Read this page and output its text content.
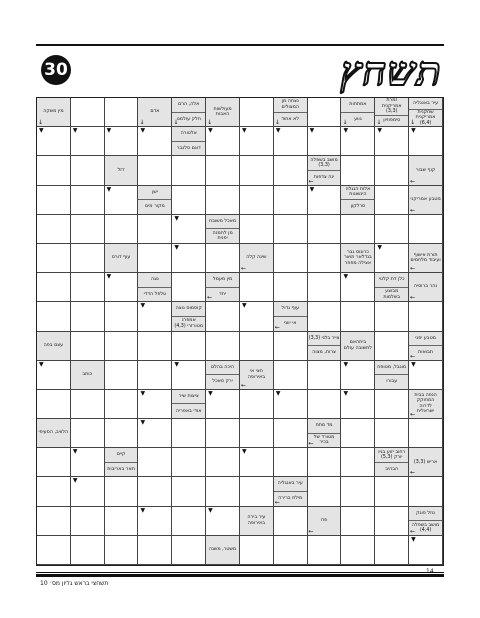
30	תשחץ
מין משקה
↓
אדם
↓
אלה, הרם
חלק עולמנו
↓
מעולשות האבות
↓
נצחה מן המצולים
לא אחוד
↓
אמתחות
גווע
↓
זמרת אמריקנית (3,3)
סימפוזיון
↓
עיר באנגליה
שחקנית אמריקנית (6,4)
↓
▼	▼	▼	▼	אלטורה
דוגם סלגבר
▼	▼	▼	▼	▼	▼	▼
דזל
מושב בשפלה (3,3)
ינה צדפות
←
קוף שבור
←
▼	ישן
מקור מים
▼	אלות הנגלה הינשונות
סרלקון
מטבע אמריקני
←
▼	מאכל משובח
מן לחמנה יפנית
עוף דורס
▼
שינה קלה
←
כרונוס גבר בנדלאר תואר אצילה מפוזר
▼
תורת אישוף ועיבוד מלחמים
←
▼	נצה
טלפל הדדי
מין מעמל
יחד
←
▼	כלן דת קלטי
מבוצע בשלמות
נהר ברוסיה
←
▼	קוסמוס נוצה
אמפרנ מטורזרי (4,3)
▼	עוף גדול
אי יווני
←
עצם בפה
צייר בלגי (3,3)
צרות, מצוה
ביתהאם לתשובה עולם
מטבע יפני
תבואות
←
▼
כותב
▼	היכה בהלם
ירק סאכל
חצי אי באירופה
←
▼	מוגבל, מטופח
עבורו
▼
▼	ציצות שיר
אודי באפריה
▼	▼	▼	הנפה בבית המחוקק לדרוה ישראלית
←
הלוויב, הסעיפי
▼	מד מתח
מטורד של בכיר
←
▼	קיים
תאר באריבות
▼	רחוב יזוע בניו יורק (5,3)
הבהיב
אריש (3,3)
←
▼	עיר באנגליה
מילת ברירה
←
▼	▼
עיר בירה באירופה
פח
←
נוזל פוגק
מושב בשפלה (4,4)
←
משטר, משנה
▼
תשחצי בראש גליון מס׳ 10
14
